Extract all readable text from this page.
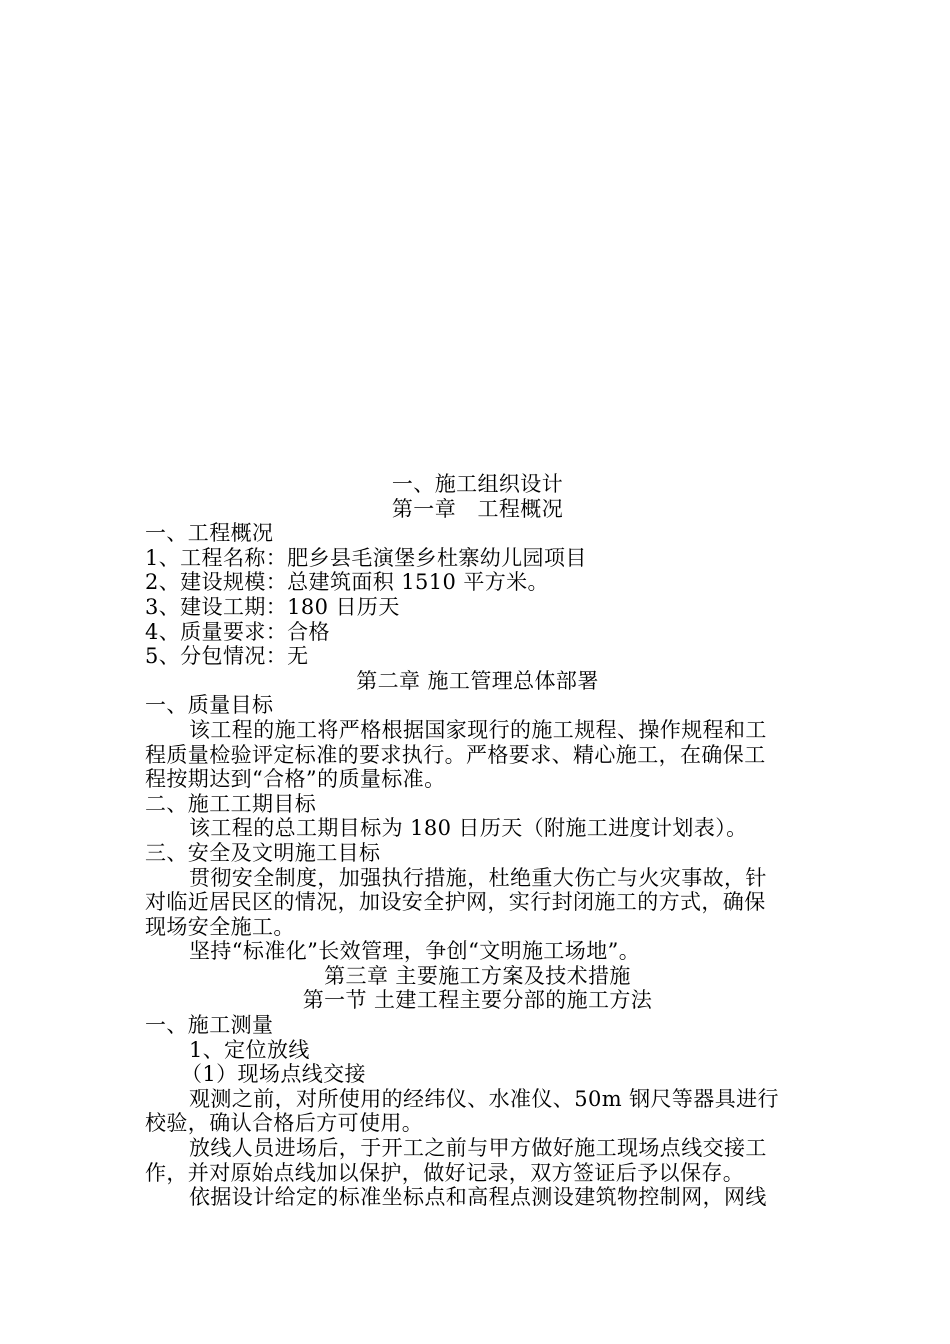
一、施工组织设计
第一章　工程概况
一、工程概况
1、工程名称：肥乡县毛演堡乡杜寨幼儿园项目
2、建设规模：总建筑面积 1510 平方米。
3、建设工期：180 日历天
4、质量要求：合格
5、分包情况：无
第二章 施工管理总体部署
一、质量目标
该工程的施工将严格根据国家现行的施工规程、操作规程和工
程质量检验评定标准的要求执行。严格要求、精心施工，在确保工
程按期达到“合格”的质量标准。
二、施工工期目标
该工程的总工期目标为 180 日历天（附施工进度计划表）。
三、安全及文明施工目标
贯彻安全制度，加强执行措施，杜绝重大伤亡与火灾事故，针
对临近居民区的情况，加设安全护网，实行封闭施工的方式，确保
现场安全施工。
坚持“标准化”长效管理，争创“文明施工场地”。
第三章 主要施工方案及技术措施
第一节 土建工程主要分部的施工方法
一、施工测量
1、定位放线
（1）现场点线交接
观测之前，对所使用的经纬仪、水准仪、50m 钢尺等器具进行
校验，确认合格后方可使用。
放线人员进场后，于开工之前与甲方做好施工现场点线交接工
作，并对原始点线加以保护，做好记录，双方签证后予以保存。
依据设计给定的标准坐标点和高程点测设建筑物控制网，网线
